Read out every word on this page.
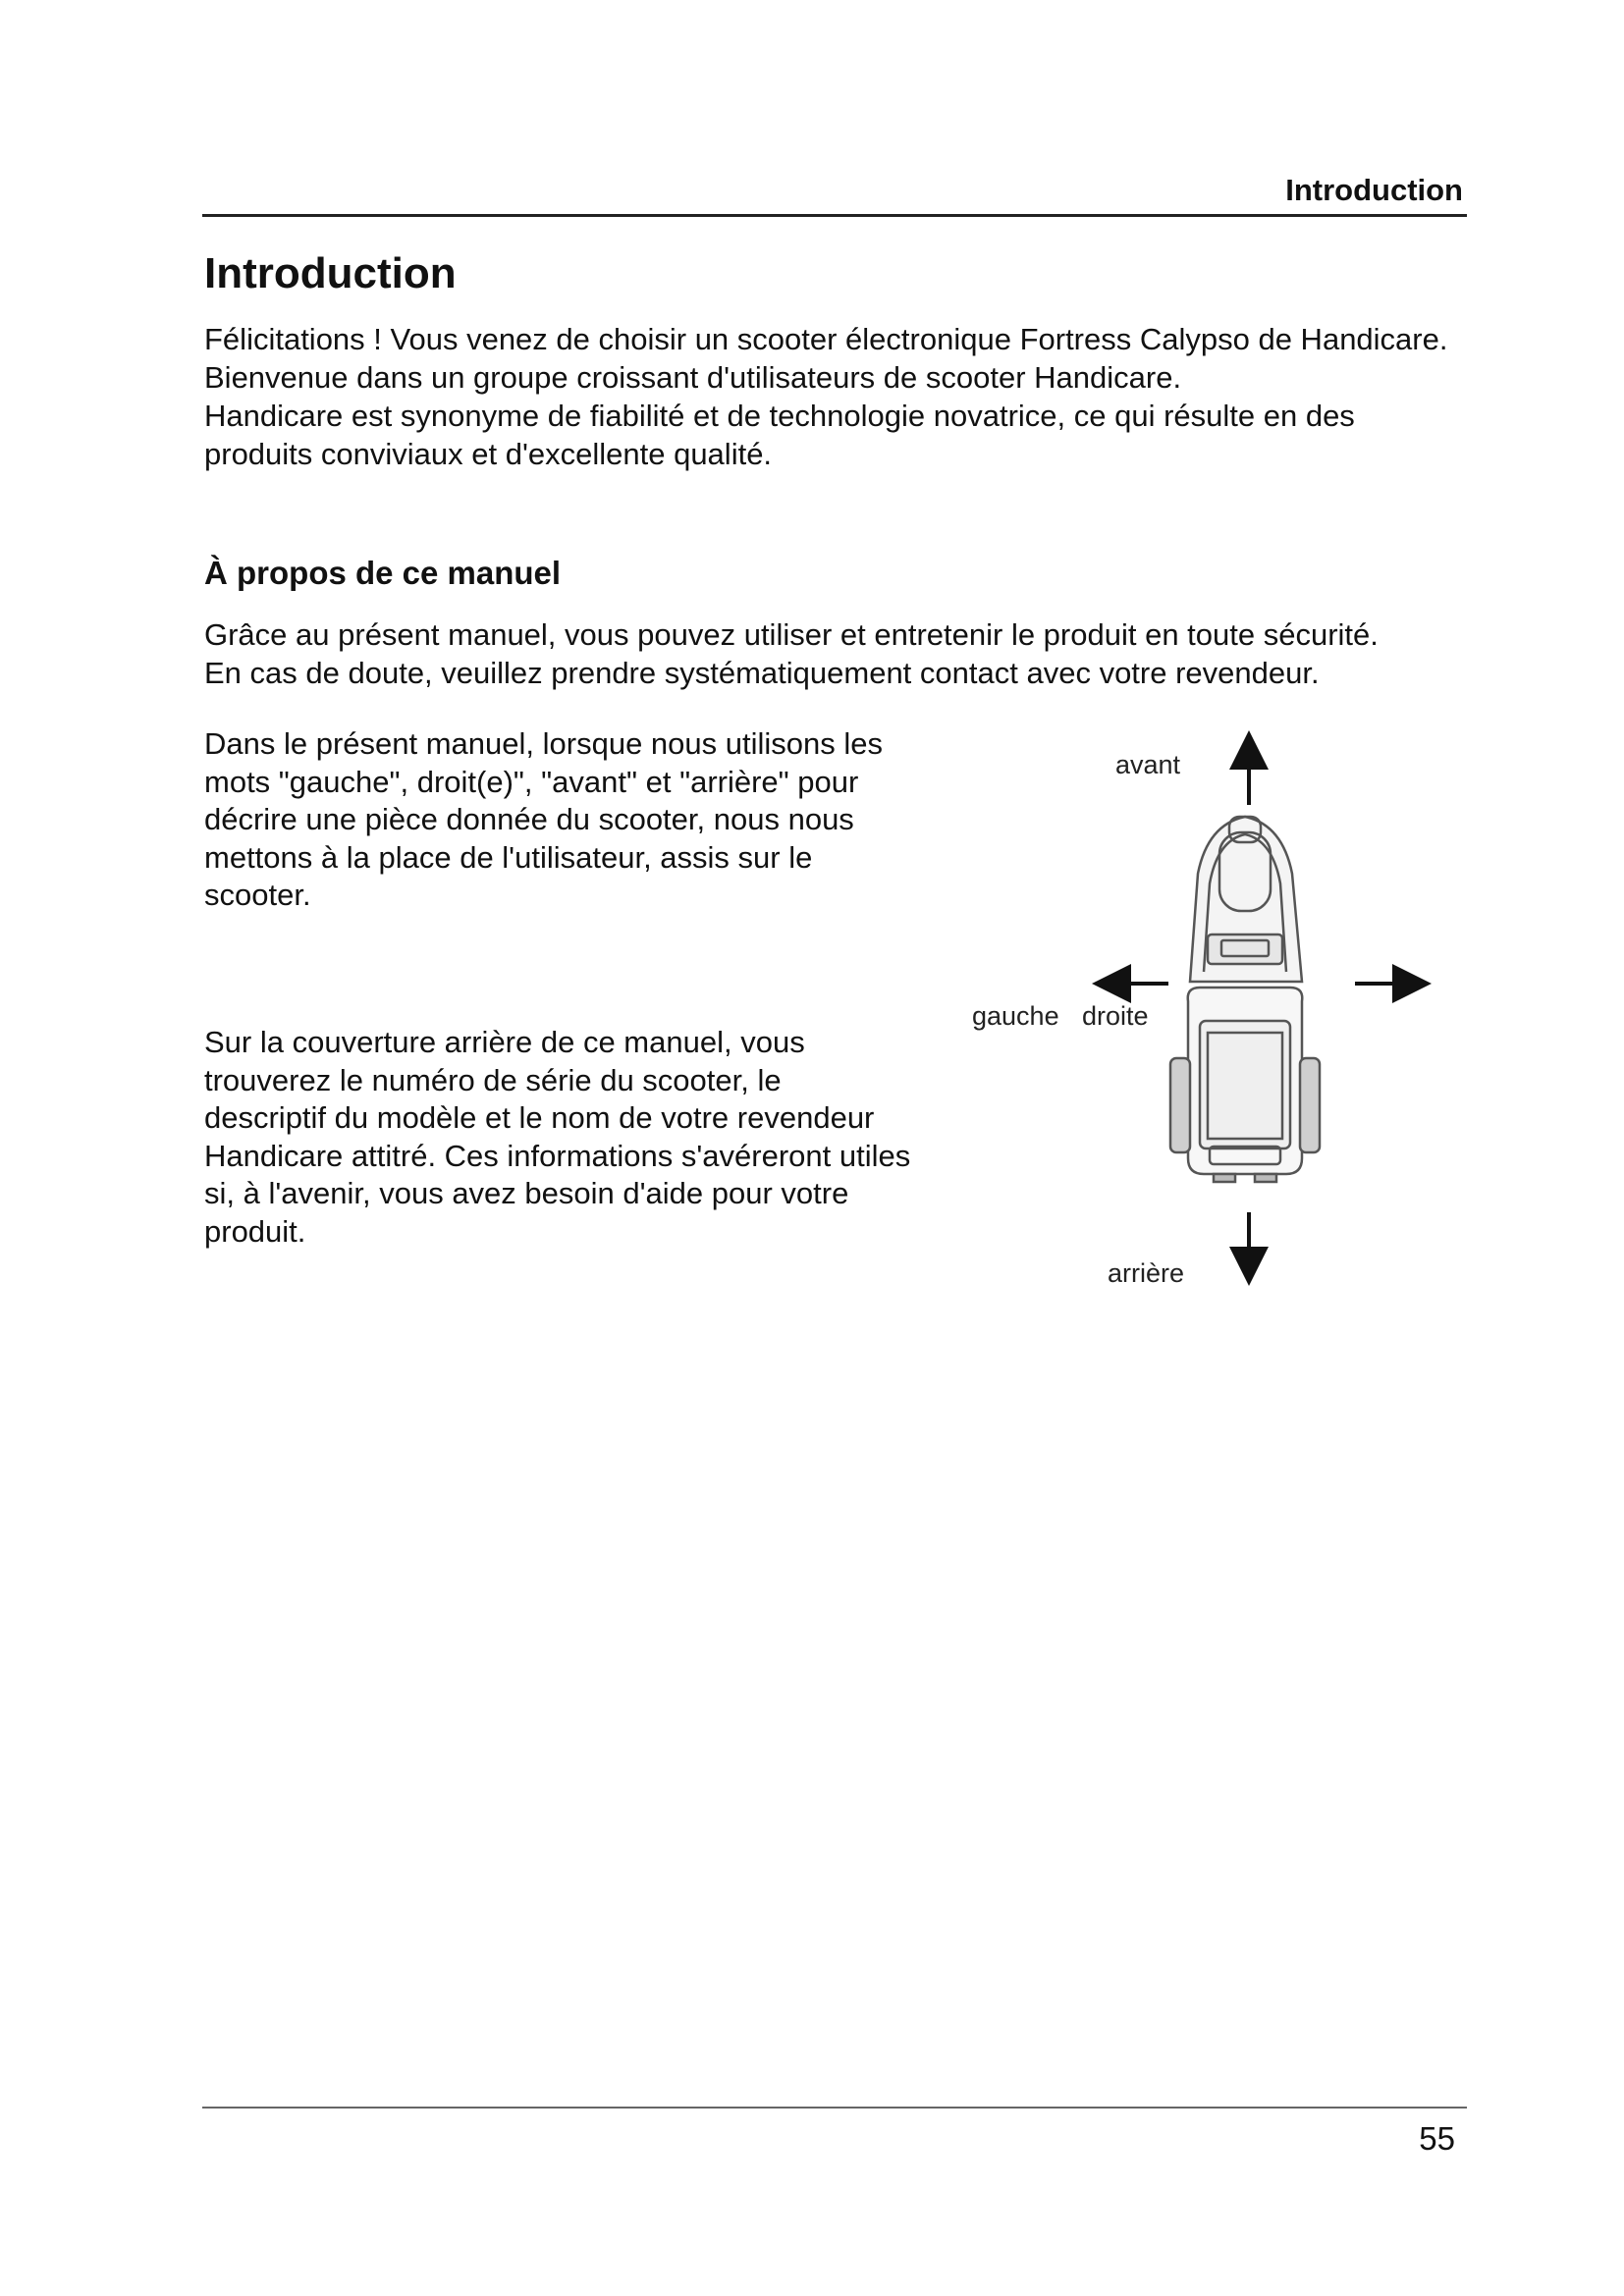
Introduction
Introduction

Félicitations ! Vous venez de choisir un scooter électronique Fortress Calypso de Handicare.

Bienvenue dans un groupe croissant d'utilisateurs de scooter Handicare.

Handicare est synonyme de fiabilité et de technologie novatrice, ce qui résulte en des produits conviviaux et d'excellente qualité.

À propos de ce manuel

Grâce au présent manuel, vous pouvez utiliser et entretenir le produit en toute sécurité.

En cas de doute, veuillez prendre systématiquement contact avec votre revendeur.

Dans le présent manuel, lorsque nous utilisons les mots "gauche", droit(e)", "avant" et "arrière" pour décrire une pièce donnée du scooter, nous nous mettons à la place de l'utilisateur, assis sur le scooter.

Sur la couverture arrière de ce manuel, vous trouverez le numéro de série du scooter, le descriptif du modèle et le nom de votre revendeur Handicare attitré. Ces informations s'avéreront utiles si, à l'avenir, vous avez besoin d'aide pour votre produit.

avant
gauche droite
arrière
55
